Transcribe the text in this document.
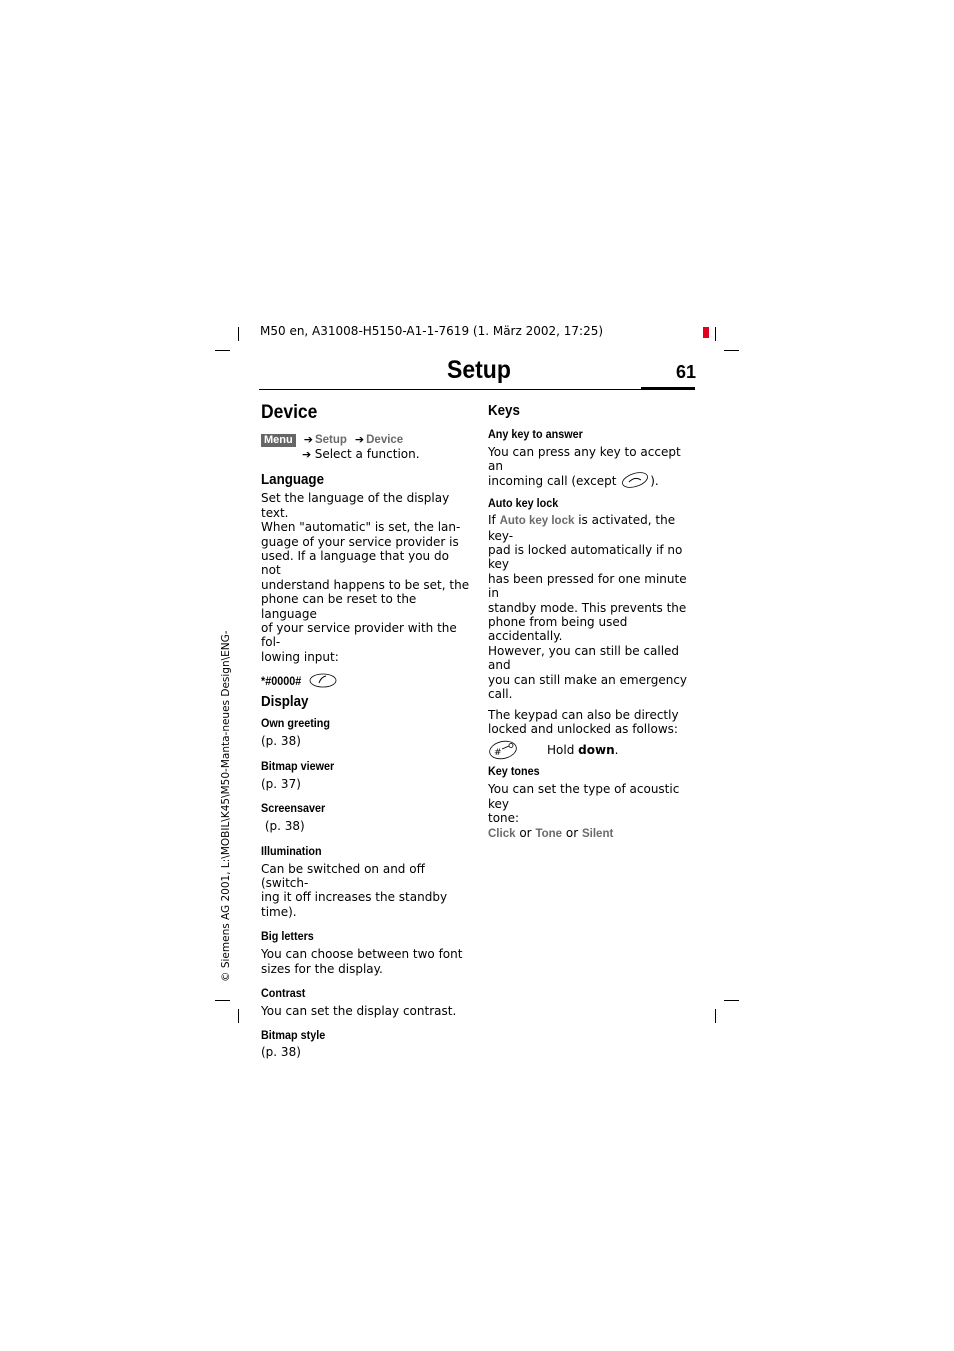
M50 en, A31008-H5150-A1-1-7619 (1. März 2002, 17:25)
Setup	61
© Siemens AG 2001, L:\MOBIL\K45\M50-Manta-neues Design\ENG-
Device
Menu ➔ Setup ➔ Device
➔ Select a function.
Language
Set the language of the display text.
When "automatic" is set, the lan-
guage of your service provider is
used. If a language that you do not
understand happens to be set, the
phone can be reset to the language
of your service provider with the fol-
lowing input:
*#0000#
Display
Own greeting
(p. 38)
Bitmap viewer
(p. 37)
Screensaver
(p. 38)
Illumination
Can be switched on and off (switch-
ing it off increases the standby
time).
Big letters
You can choose between two font
sizes for the display.
Contrast
You can set the display contrast.
Bitmap style
(p. 38)
Keys
Any key to answer
You can press any key to accept an
incoming call (except	).
Auto key lock
If Auto key lock is activated, the key-
pad is locked automatically if no key
has been pressed for one minute in
standby mode. This prevents the
phone from being used accidentally.
However, you can still be called and
you can still make an emergency
call.
The keypad can also be directly
locked and unlocked as follows:
#	Hold down.
Key tones
You can set the type of acoustic key
tone:
Click or Tone or Silent
